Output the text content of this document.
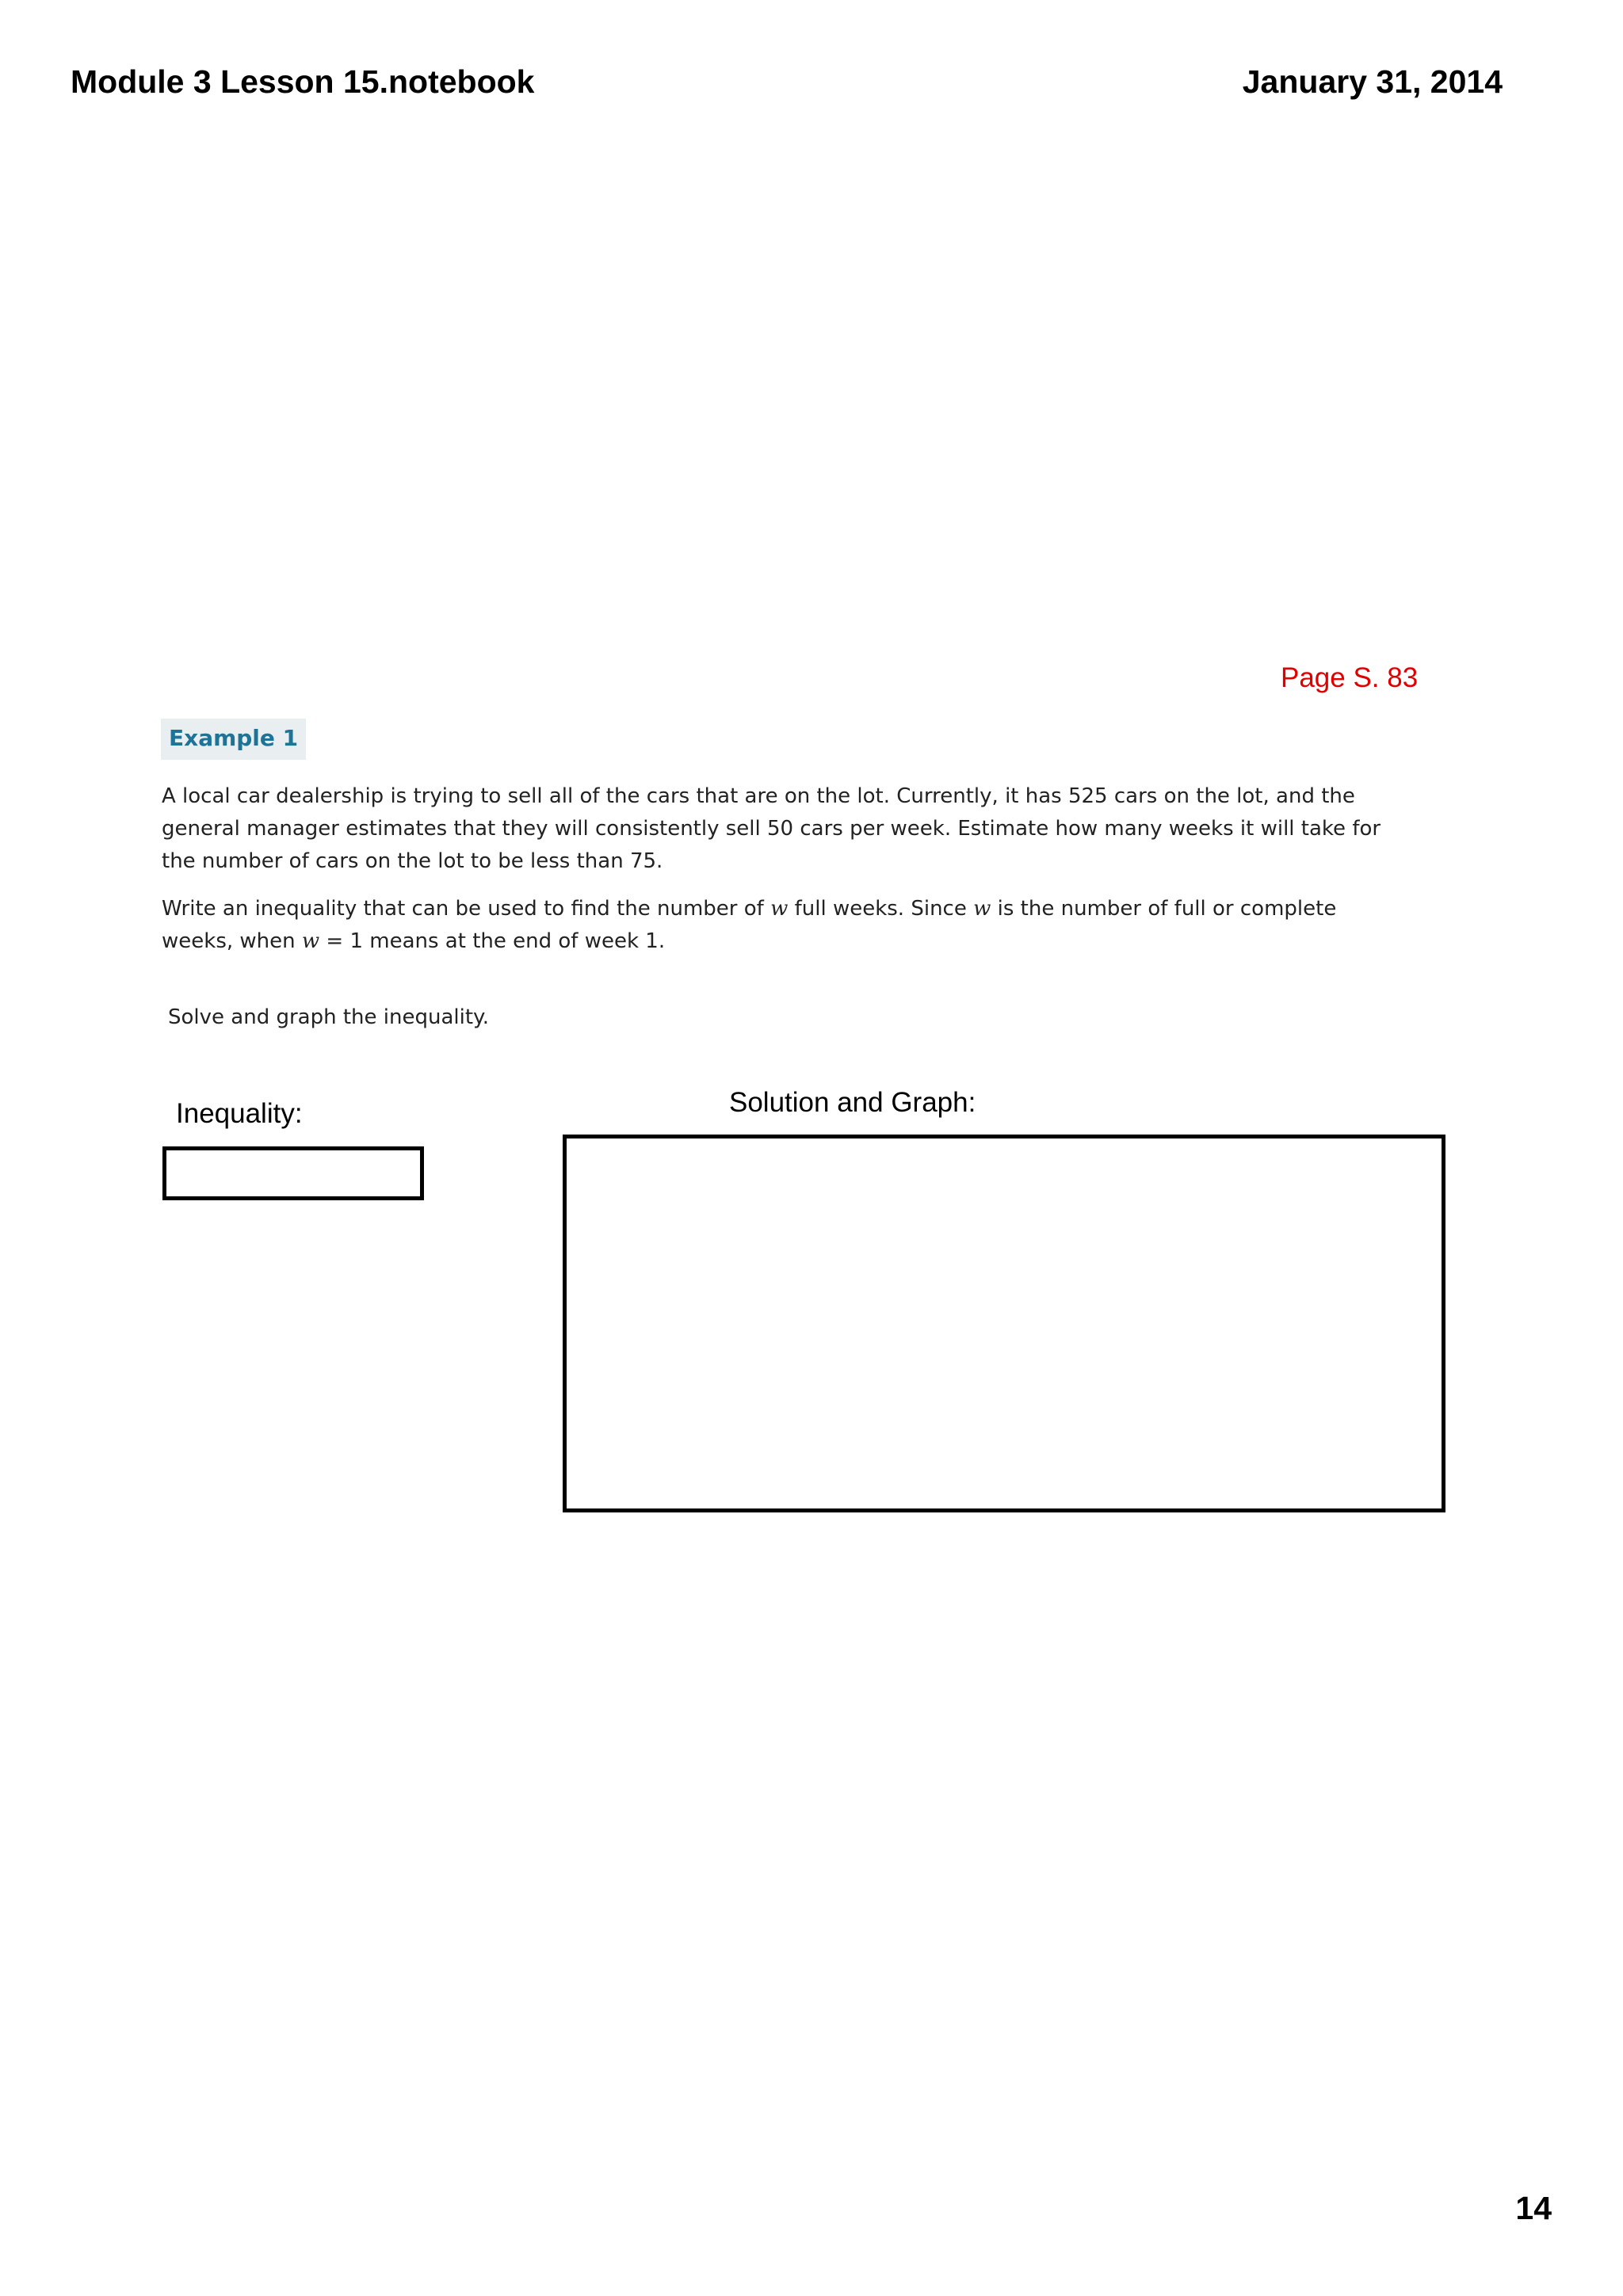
Module 3 Lesson 15.notebook	January 31, 2014
Page S. 83
Example 1
A local car dealership is trying to sell all of the cars that are on the lot. Currently, it has 525 cars on the lot, and the general manager estimates that they will consistently sell 50 cars per week. Estimate how many weeks it will take for the number of cars on the lot to be less than 75.
Write an inequality that can be used to find the number of w full weeks. Since w is the number of full or complete weeks, when w = 1 means at the end of week 1.
Solve and graph the inequality.
Inequality:	Solution and Graph:
14
